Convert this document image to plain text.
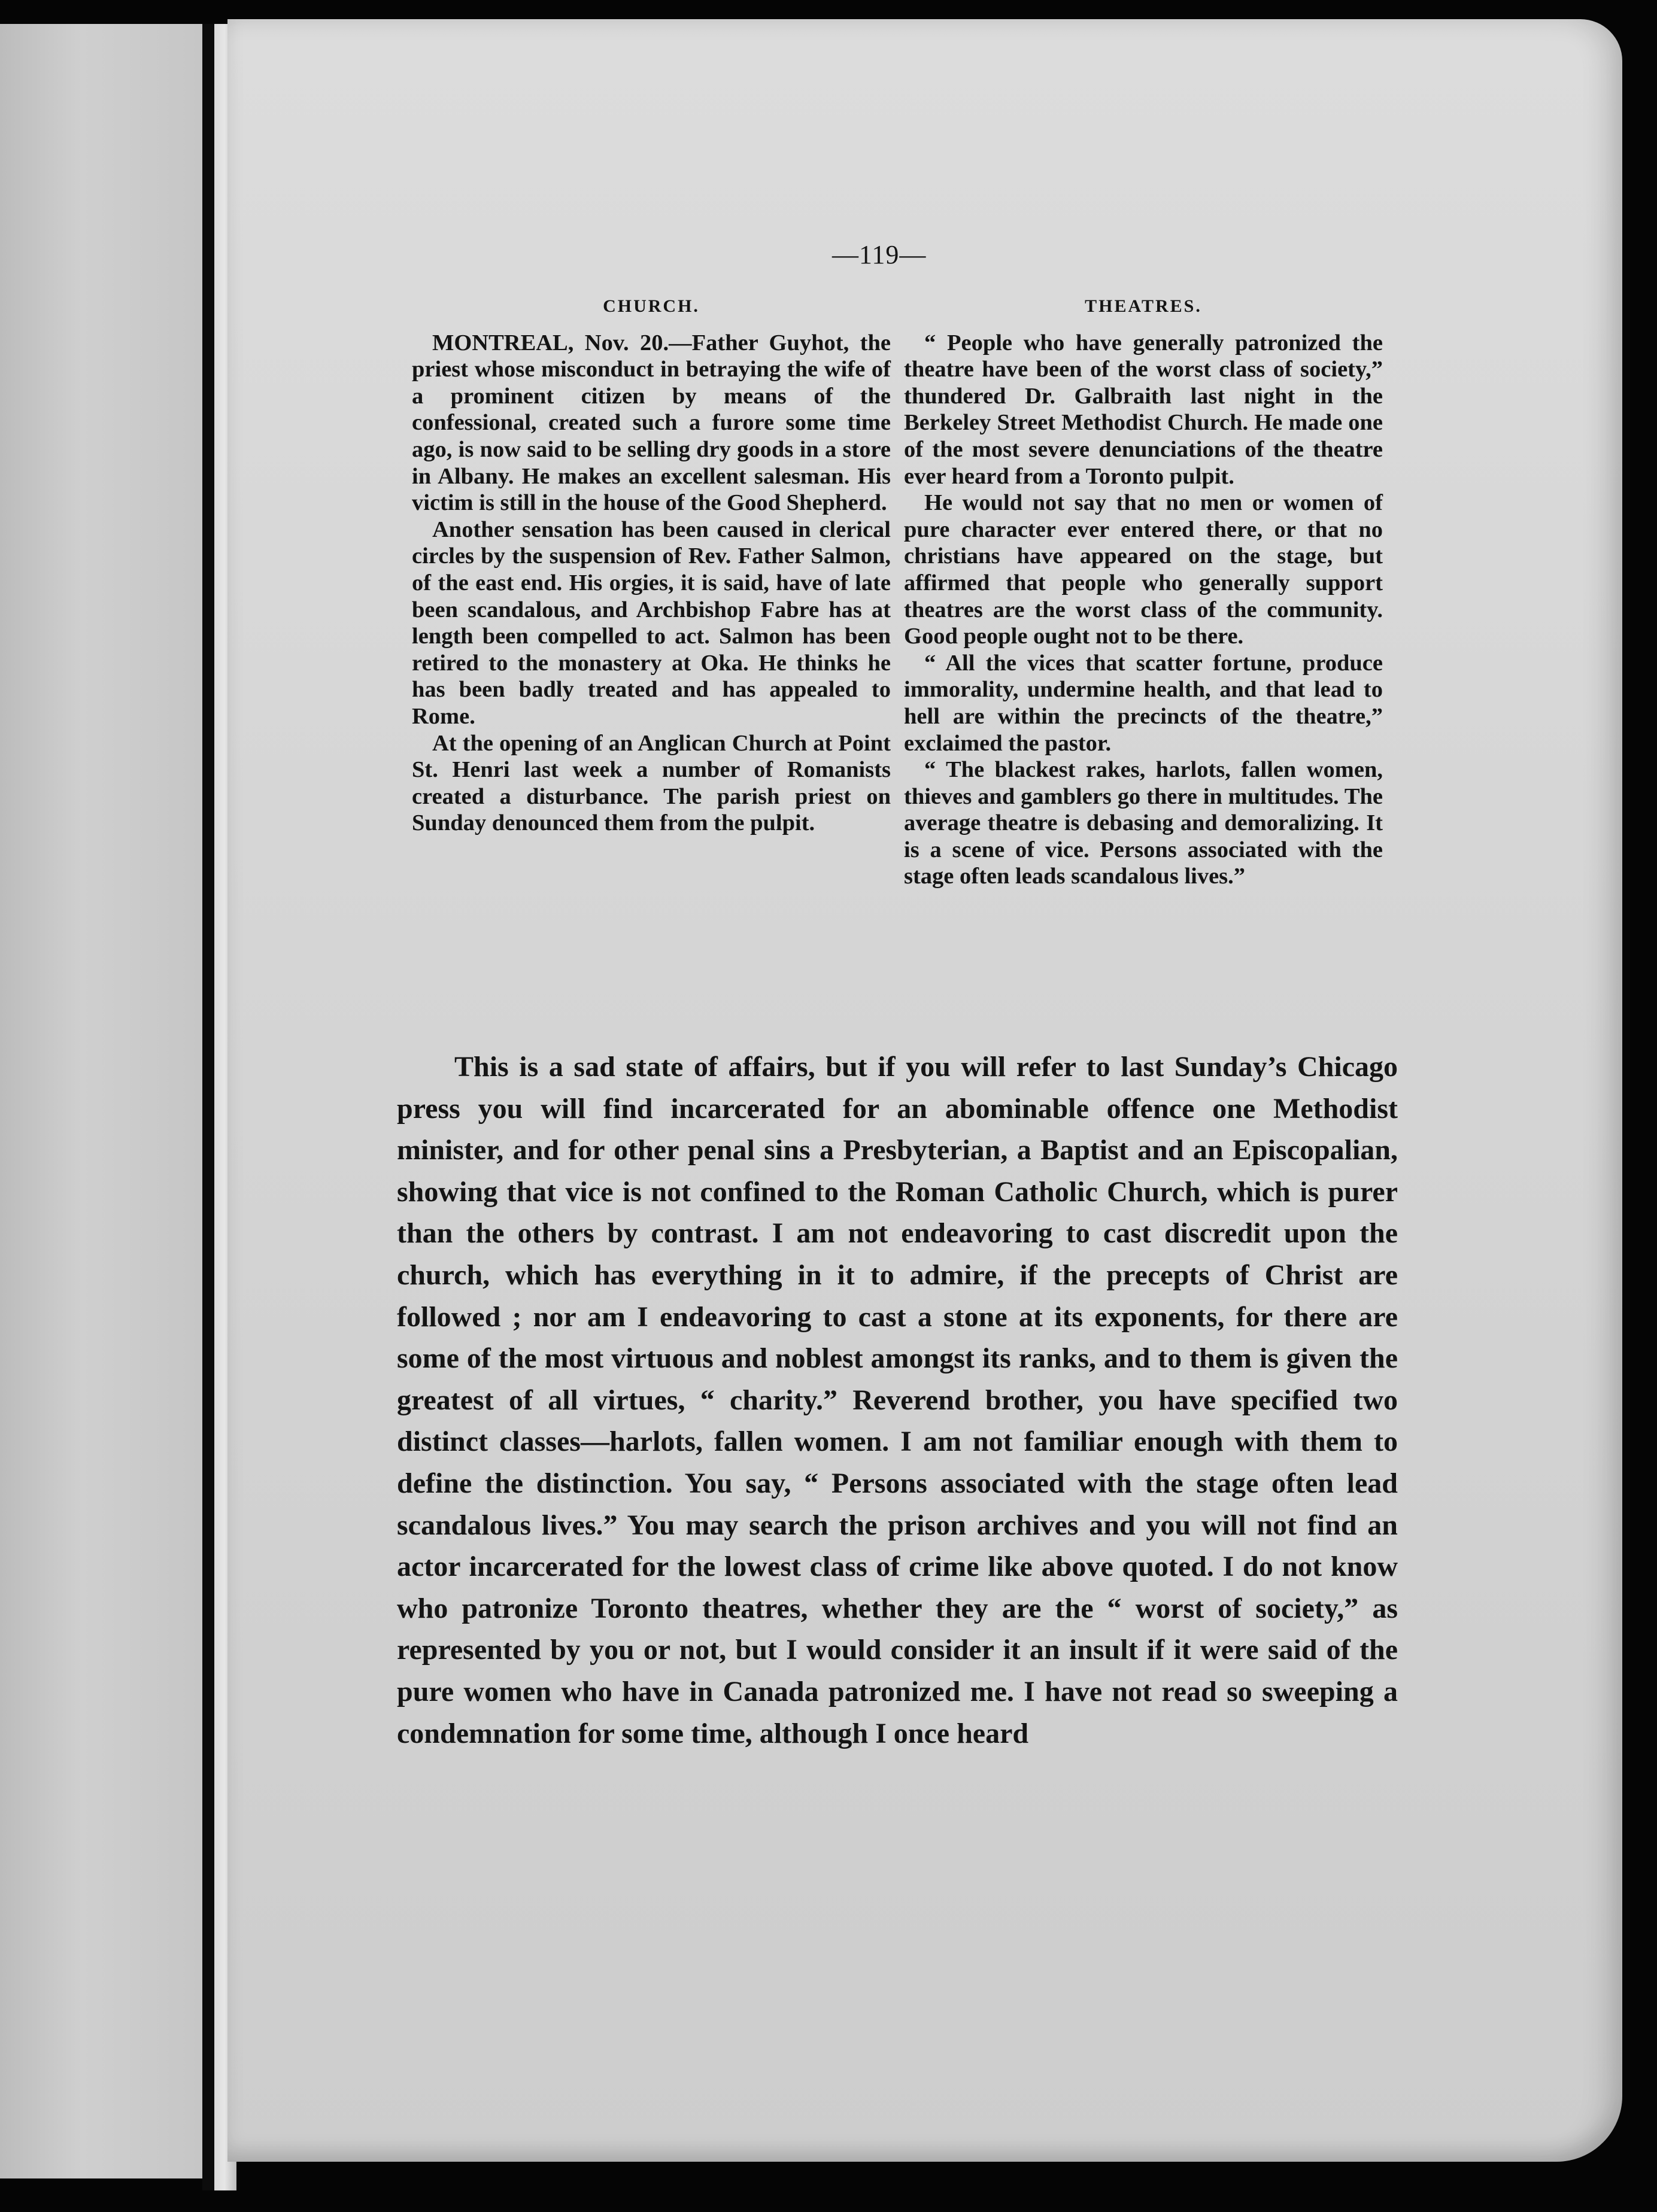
—119—
CHURCH.

MONTREAL, Nov. 20.—Father Guyhot, the priest whose misconduct in betraying the wife of a prominent citizen by means of the confessional, created such a furore some time ago, is now said to be selling dry goods in a store in Albany. He makes an excellent salesman. His victim is still in the house of the Good Shepherd.

Another sensation has been caused in clerical circles by the suspension of Rev. Father Salmon, of the east end. His orgies, it is said, have of late been scandalous, and Archbishop Fabre has at length been compelled to act. Salmon has been retired to the monastery at Oka. He thinks he has been badly treated and has appealed to Rome.

At the opening of an Anglican Church at Point St. Henri last week a number of Romanists created a disturbance. The parish priest on Sunday denounced them from the pulpit.

THEATRES.

“ People who have generally patronized the theatre have been of the worst class of society,” thundered Dr. Galbraith last night in the Berkeley Street Methodist Church. He made one of the most severe denunciations of the theatre ever heard from a Toronto pulpit.

He would not say that no men or women of pure character ever entered there, or that no christians have appeared on the stage, but affirmed that people who generally support theatres are the worst class of the community. Good people ought not to be there.

“ All the vices that scatter fortune, produce immorality, undermine health, and that lead to hell are within the precincts of the theatre,” exclaimed the pastor.

“ The blackest rakes, harlots, fallen women, thieves and gamblers go there in multitudes. The average theatre is debasing and demoralizing. It is a scene of vice. Persons associated with the stage often leads scandalous lives.”

This is a sad state of affairs, but if you will refer to last Sunday’s Chicago press you will find incarcerated for an abominable offence one Methodist minister, and for other penal sins a Presbyterian, a Baptist and an Episcopalian, showing that vice is not confined to the Roman Catholic Church, which is purer than the others by contrast. I am not endeavoring to cast discredit upon the church, which has everything in it to admire, if the precepts of Christ are followed ; nor am I endeavoring to cast a stone at its exponents, for there are some of the most virtuous and noblest amongst its ranks, and to them is given the greatest of all virtues, “ charity.” Reverend brother, you have specified two distinct classes—harlots, fallen women. I am not familiar enough with them to define the distinction. You say, “ Persons associated with the stage often lead scandalous lives.” You may search the prison archives and you will not find an actor incarcerated for the lowest class of crime like above quoted. I do not know who patronize Toronto theatres, whether they are the “ worst of society,” as represented by you or not, but I would consider it an insult if it were said of the pure women who have in Canada patronized me. I have not read so sweeping a condemnation for some time, although I once heard
